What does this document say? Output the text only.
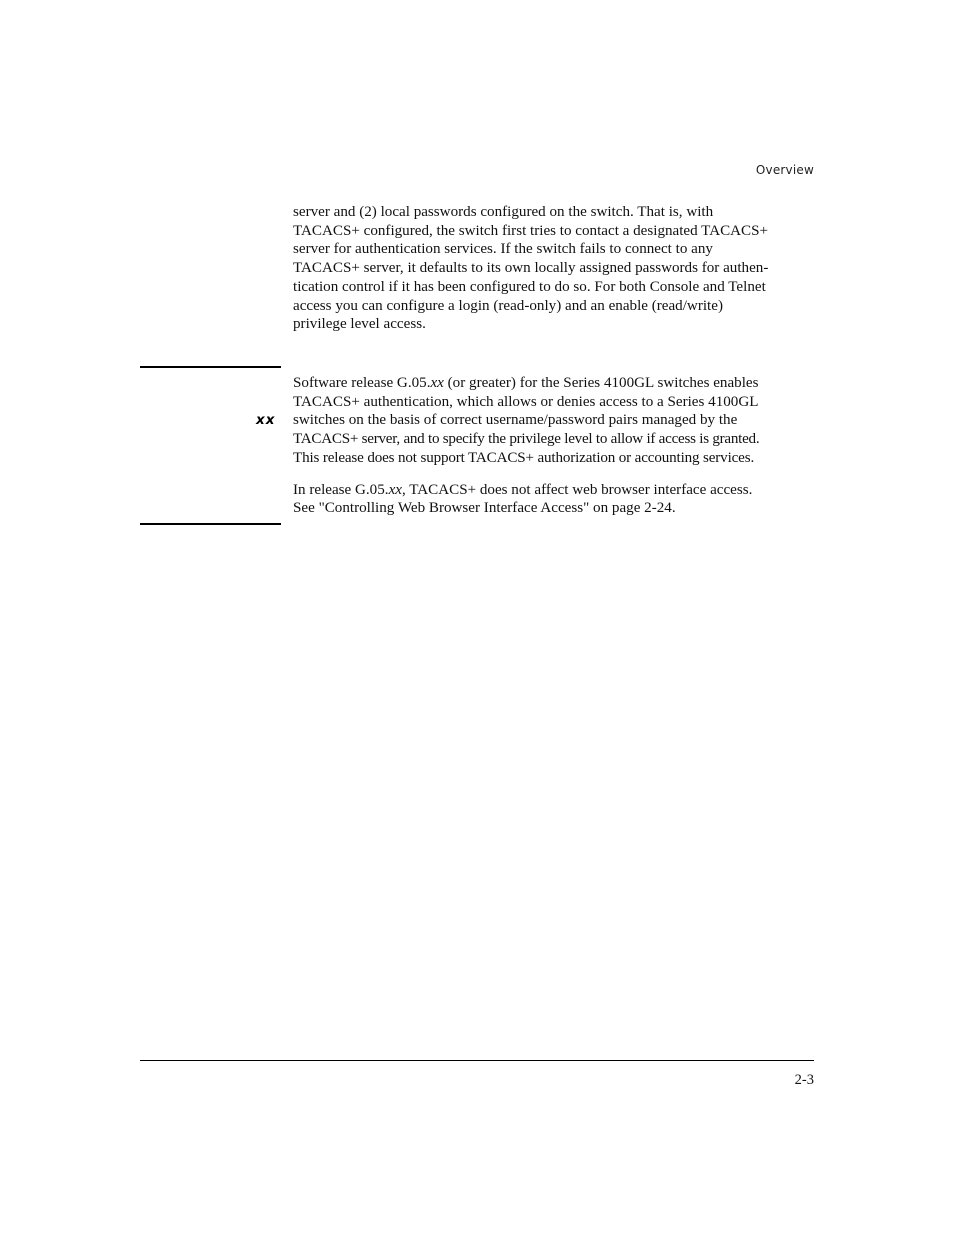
Overview

server and (2) local passwords configured on the switch. That is, with
TACACS+ configured, the switch first tries to contact a designated TACACS+
server for authentication services. If the switch fails to connect to any
TACACS+ server, it defaults to its own locally assigned passwords for authen-
tication control if it has been configured to do so. For both Console and Telnet
access you can configure a login (read-only) and an enable (read/write)
privilege level access.

xx

Software release G.05.xx (or greater) for the Series 4100GL switches enables
TACACS+ authentication, which allows or denies access to a Series 4100GL
switches on the basis of correct username/password pairs managed by the
TACACS+ server, and to specify the privilege level to allow if access is granted.
This release does not support TACACS+ authorization or accounting services.

In release G.05.xx, TACACS+ does not affect web browser interface access.
See "Controlling Web Browser Interface Access" on page 2-24.

2-3
